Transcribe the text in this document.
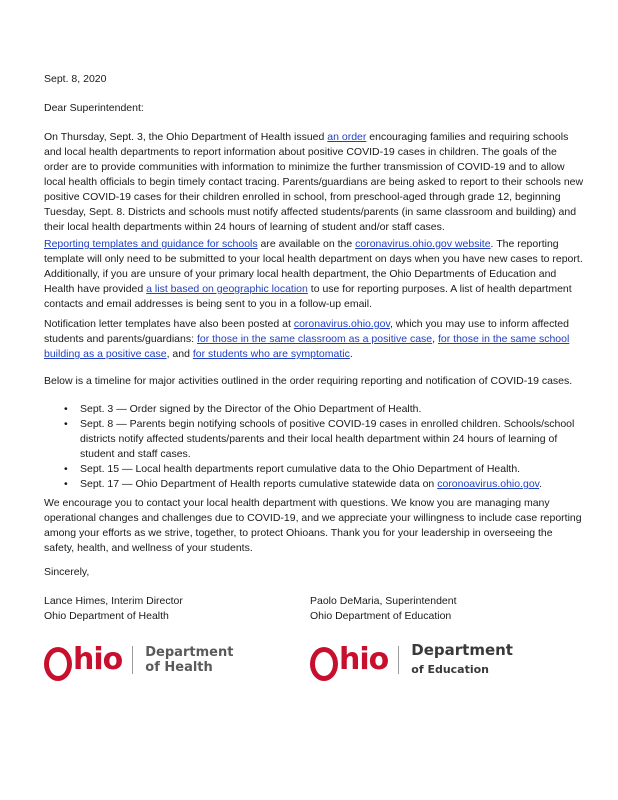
Sept. 8, 2020

Dear Superintendent:

On Thursday, Sept. 3, the Ohio Department of Health issued an order encouraging families and requiring schools and local health departments to report information about positive COVID-19 cases in children. The goals of the order are to provide communities with information to minimize the further transmission of COVID-19 and to allow local health officials to begin timely contact tracing. Parents/guardians are being asked to report to their schools new positive COVID-19 cases for their children enrolled in school, from preschool-aged through grade 12, beginning Tuesday, Sept. 8. Districts and schools must notify affected students/parents (in same classroom and building) and their local health departments within 24 hours of learning of student and/or staff cases.

Reporting templates and guidance for schools are available on the coronavirus.ohio.gov website. The reporting template will only need to be submitted to your local health department on days when you have new cases to report. Additionally, if you are unsure of your primary local health department, the Ohio Departments of Education and Health have provided a list based on geographic location to use for reporting purposes. A list of health department contacts and email addresses is being sent to you in a follow-up email.

Notification letter templates have also been posted at coronavirus.ohio.gov, which you may use to inform affected students and parents/guardians: for those in the same classroom as a positive case, for those in the same school building as a positive case, and for students who are symptomatic.

Below is a timeline for major activities outlined in the order requiring reporting and notification of COVID-19 cases.

• Sept. 3 — Order signed by the Director of the Ohio Department of Health.
• Sept. 8 — Parents begin notifying schools of positive COVID-19 cases in enrolled children. Schools/school districts notify affected students/parents and their local health department within 24 hours of learning of student and staff cases.
• Sept. 15 — Local health departments report cumulative data to the Ohio Department of Health.
• Sept. 17 — Ohio Department of Health reports cumulative statewide data on coronoavirus.ohio.gov.

We encourage you to contact your local health department with questions. We know you are managing many operational changes and challenges due to COVID-19, and we appreciate your willingness to include case reporting among your efforts as we strive, together, to protect Ohioans. Thank you for your leadership in overseeing the safety, health, and wellness of your students.

Sincerely,

Lance Himes, Interim Director
Ohio Department of Health
Paolo DeMaria, Superintendent
Ohio Department of Education
hio Department
of Health	hio Department
of Education
